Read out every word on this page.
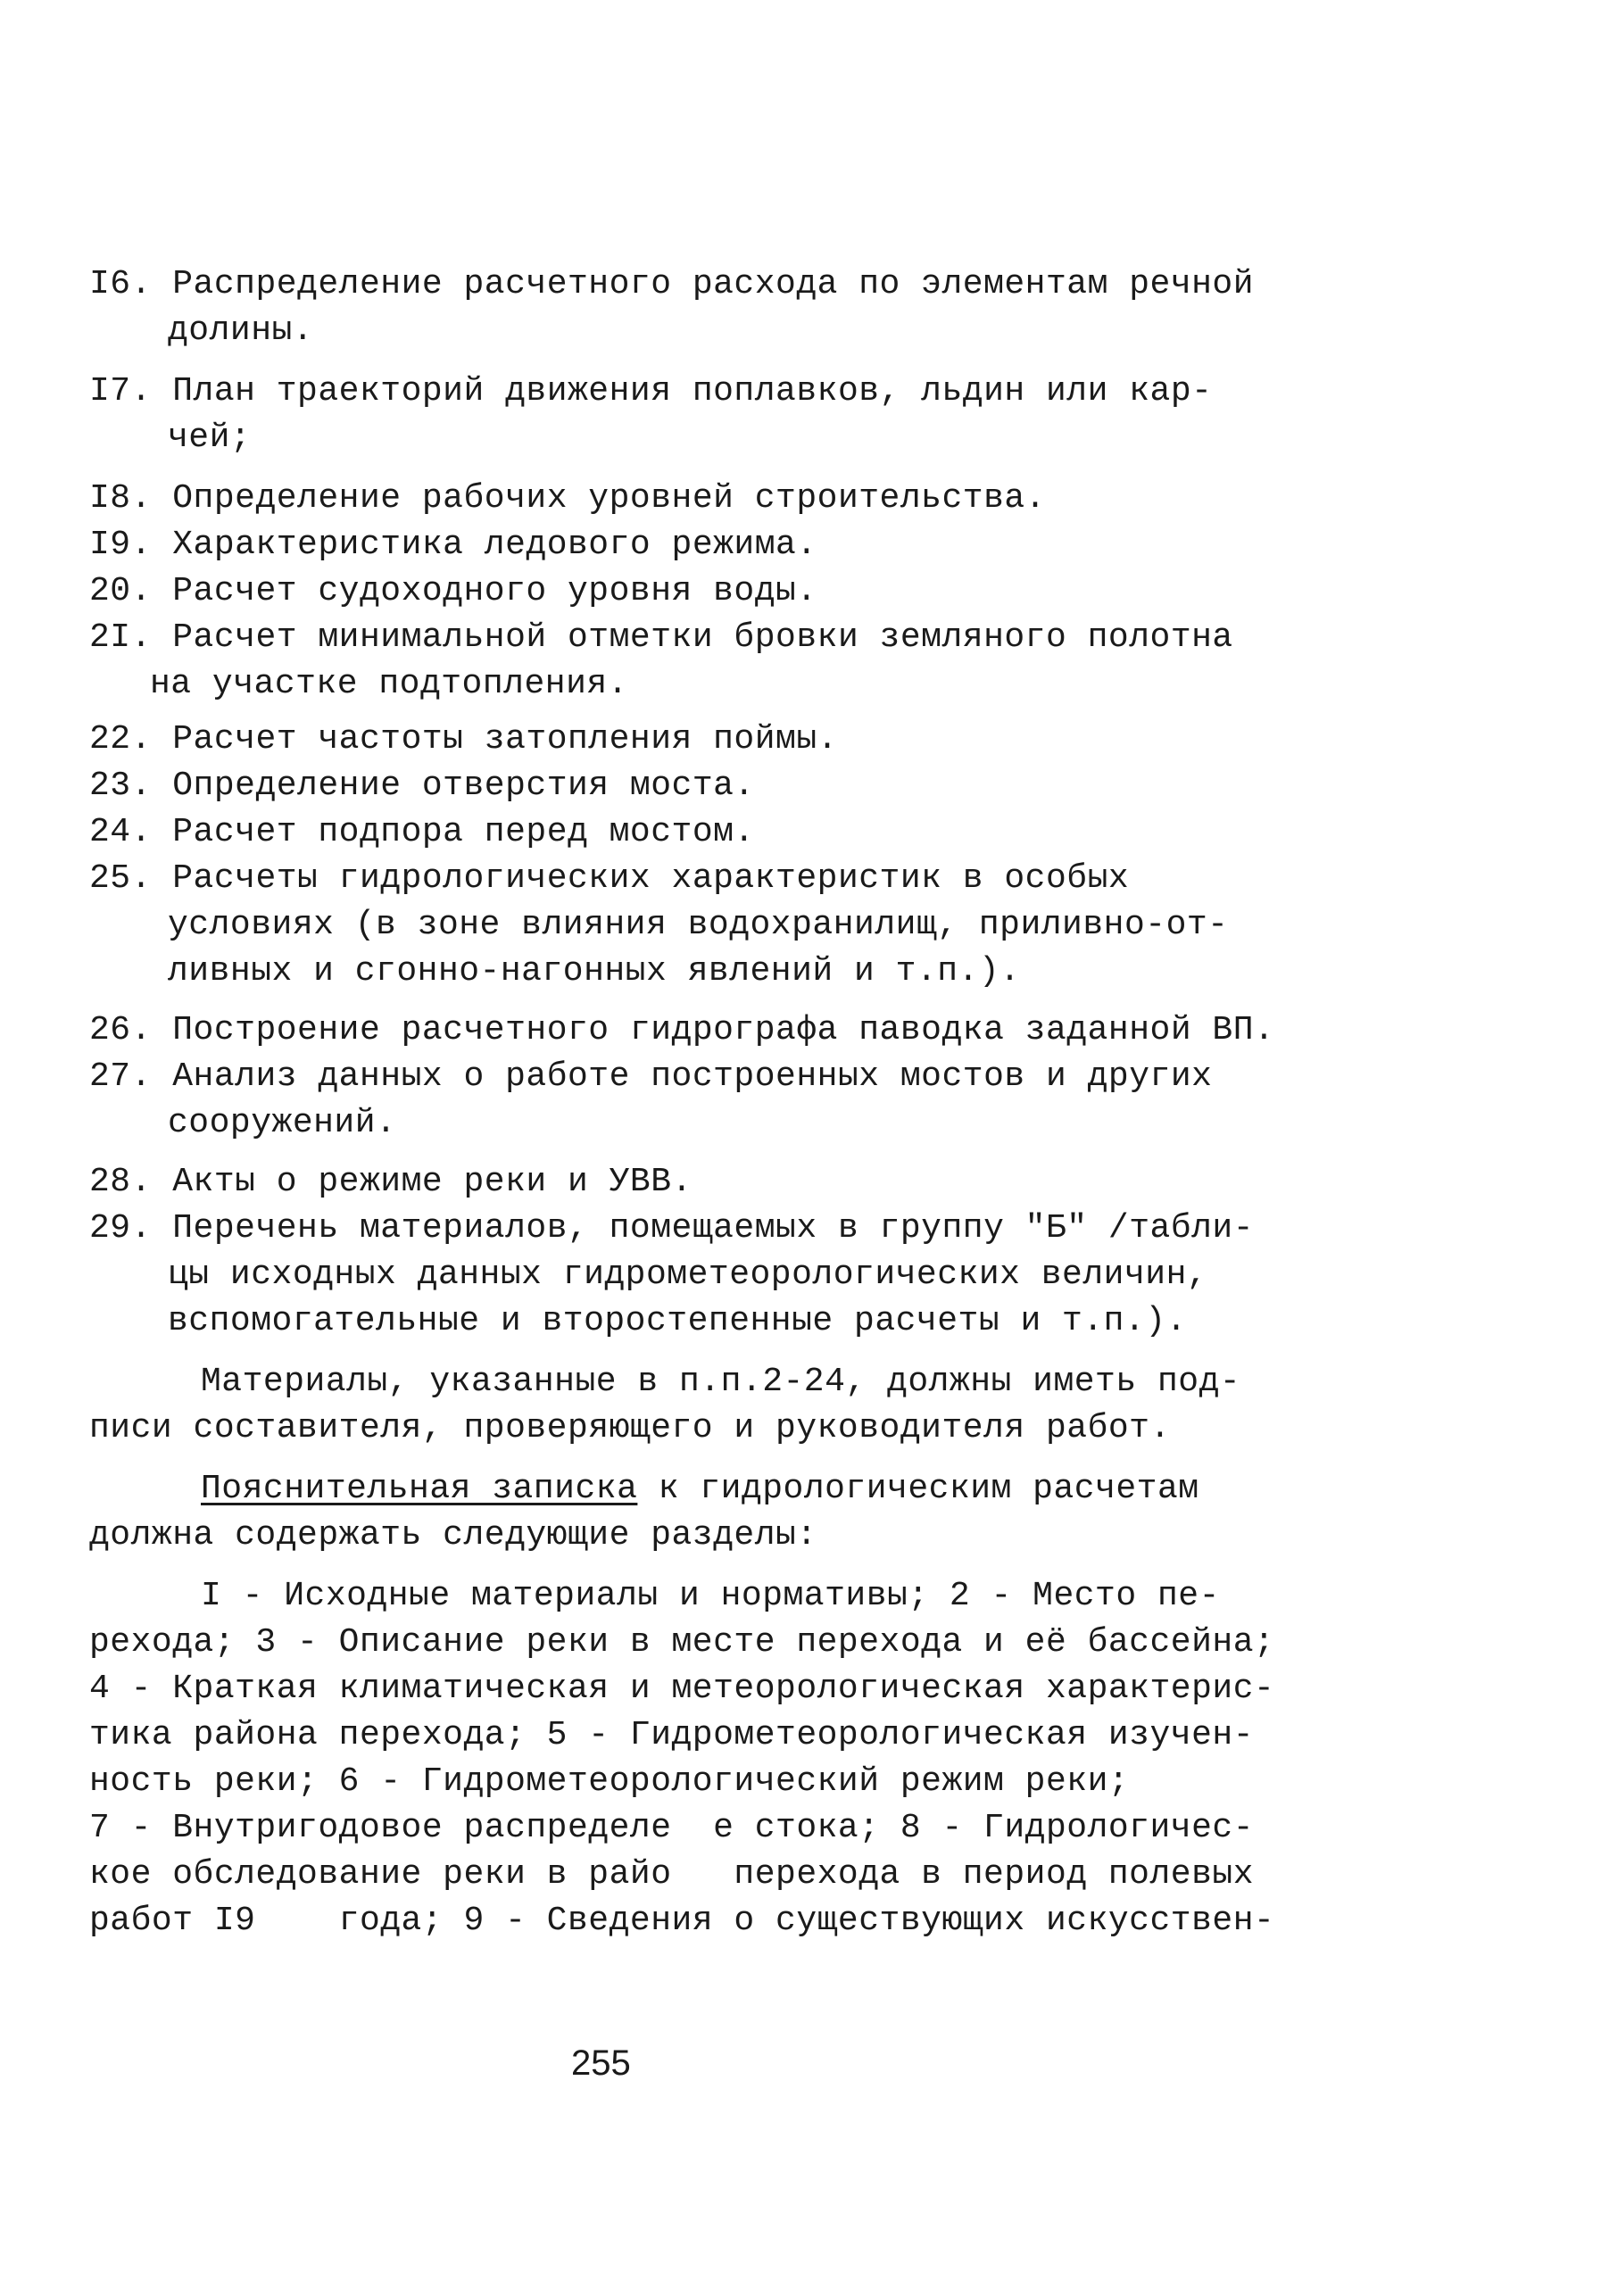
I6. Распределение расчетного расхода по элементам речной
долины.
I7. План траекторий движения поплавков, льдин или кар-
чей;
I8. Определение рабочих уровней строительства.
I9. Характеристика ледового режима.
20. Расчет судоходного уровня воды.
2I. Расчет минимальной отметки бровки земляного полотна
на участке подтопления.
22. Расчет частоты затопления поймы.
23. Определение отверстия моста.
24. Расчет подпора перед мостом.
25. Расчеты гидрологических характеристик в особых
условиях (в зоне влияния водохранилищ, приливно-от-
ливных и сгонно-нагонных явлений и т.п.).
26. Построение расчетного гидрографа паводка заданной ВП.
27. Анализ данных о работе построенных мостов и других
сооружений.
28. Акты о режиме реки и УВВ.
29. Перечень материалов, помещаемых в группу "Б" /табли-
цы исходных данных гидрометеорологических величин,
вспомогательные и второстепенные расчеты и т.п.).
Материалы, указанные в п.п.2-24, должны иметь под-
писи составителя, проверяющего и руководителя работ.
Пояснительная записка к гидрологическим расчетам
должна содержать следующие разделы:
I - Исходные материалы и нормативы; 2 - Место пе-
рехода; 3 - Описание реки в месте перехода и её бассейна;
4 - Краткая климатическая и метеорологическая характерис-
тика района перехода; 5 - Гидрометеорологическая изучен-
ность реки; 6 - Гидрометеорологический режим реки;
7 - Внутригодовое распределе  е стока; 8 - Гидрологичес-
кое обследование реки в райо   перехода в период полевых
работ I9    года; 9 - Сведения о существующих искусствен-
255
